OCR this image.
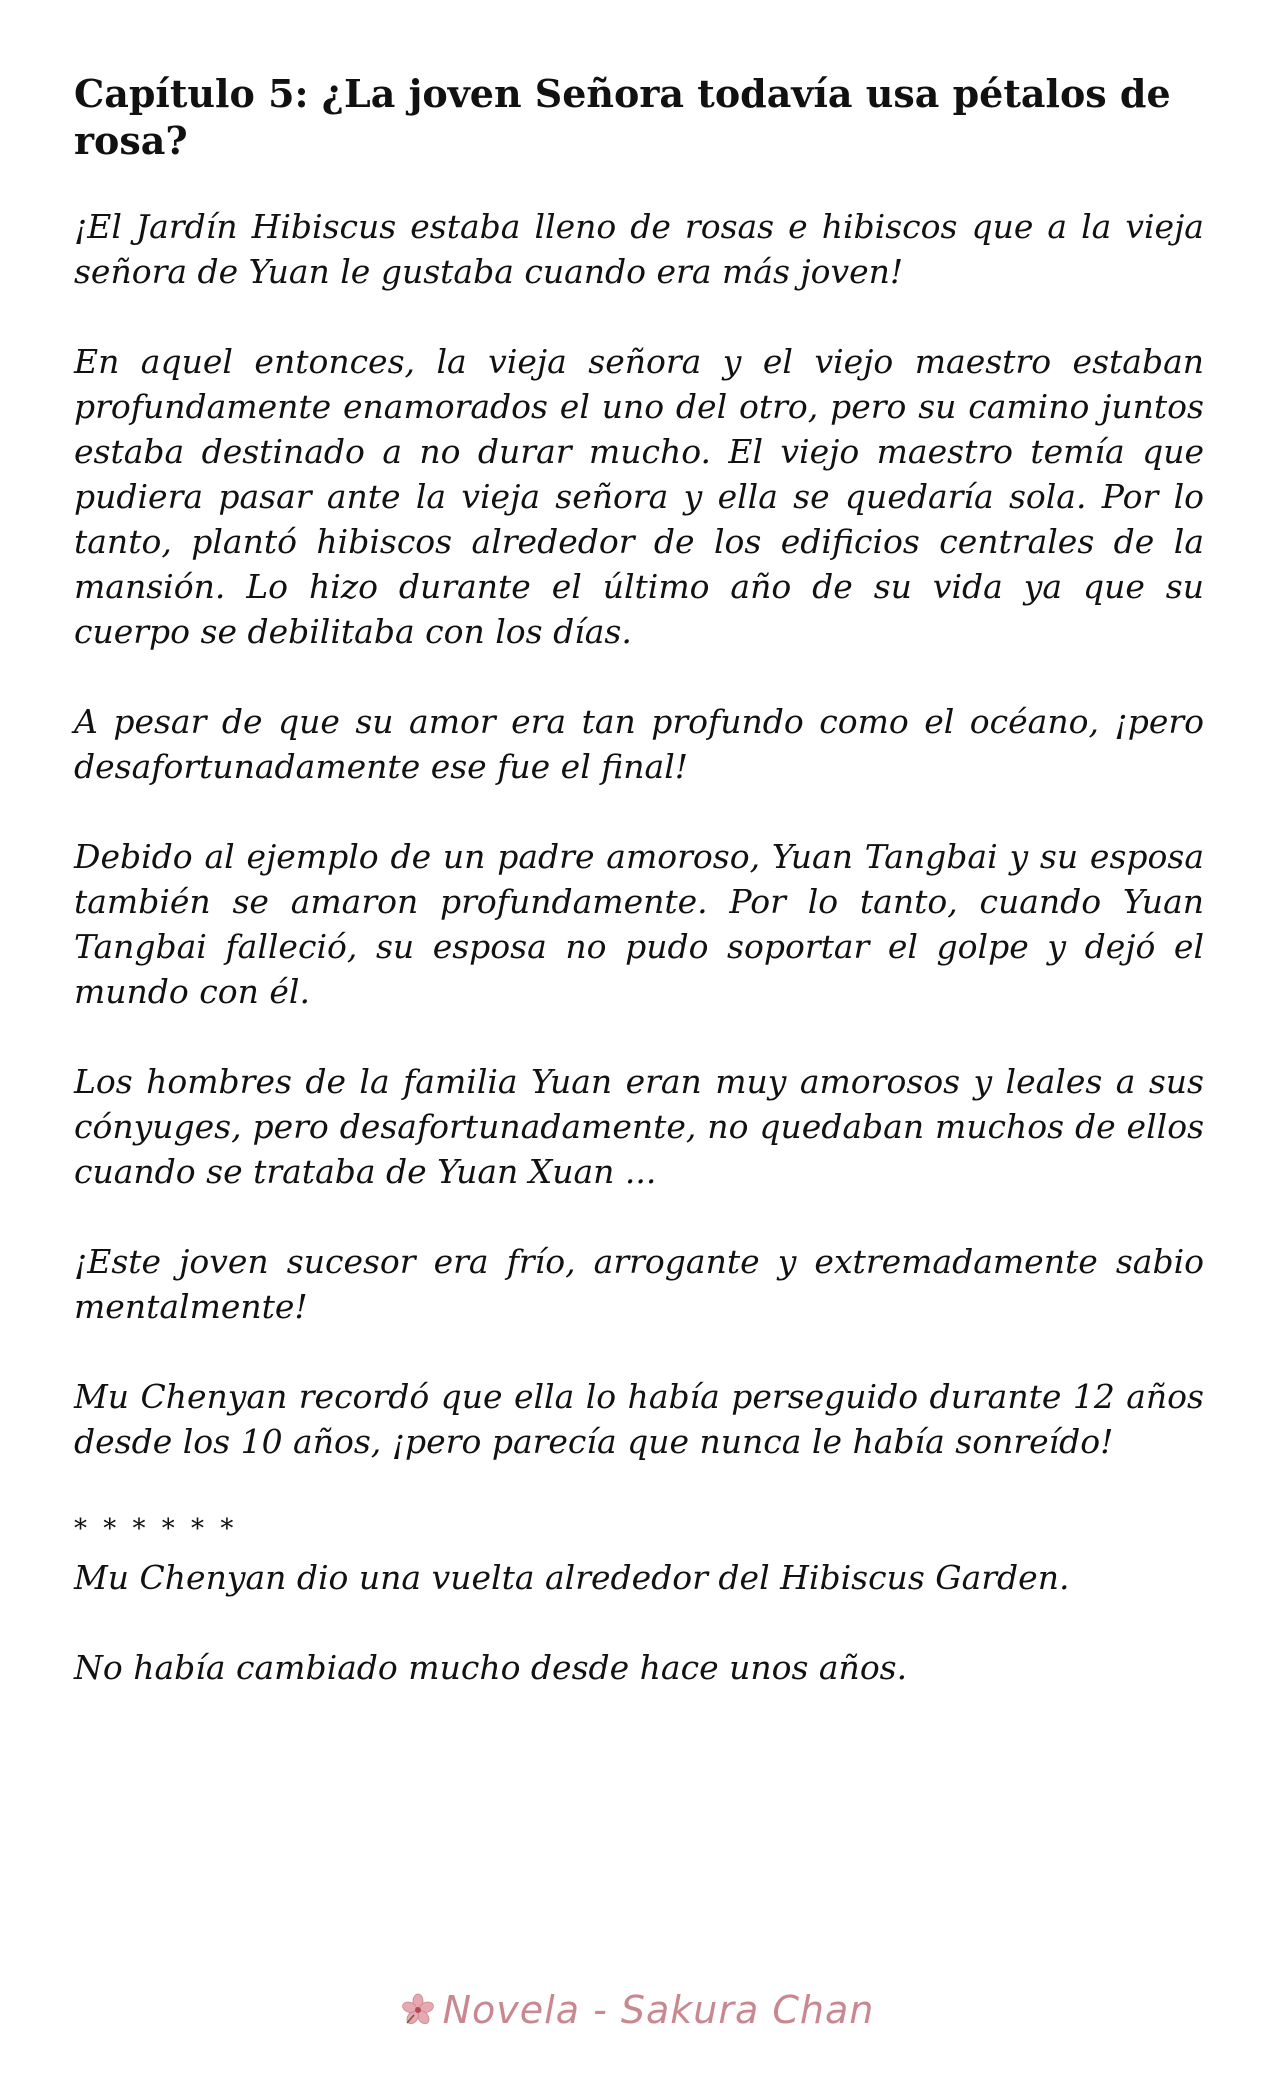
Capítulo 5: ¿La joven Señora todavía usa pétalos de rosa?

¡El Jardín Hibiscus estaba lleno de rosas e hibiscos que a la vieja señora de Yuan le gustaba cuando era más joven!

En aquel entonces, la vieja señora y el viejo maestro estaban profundamente enamorados el uno del otro, pero su camino juntos estaba destinado a no durar mucho. El viejo maestro temía que pudiera pasar ante la vieja señora y ella se quedaría sola. Por lo tanto, plantó hibiscos alrededor de los edificios centrales de la mansión. Lo hizo durante el último año de su vida ya que su cuerpo se debilitaba con los días.

A pesar de que su amor era tan profundo como el océano, ¡pero desafortunadamente ese fue el final!

Debido al ejemplo de un padre amoroso, Yuan Tangbai y su esposa también se amaron profundamente. Por lo tanto, cuando Yuan Tangbai falleció, su esposa no pudo soportar el golpe y dejó el mundo con él.

Los hombres de la familia Yuan eran muy amorosos y leales a sus cónyuges, pero desafortunadamente, no quedaban muchos de ellos cuando se trataba de Yuan Xuan ...

¡Este joven sucesor era frío, arrogante y extremadamente sabio mentalmente!

Mu Chenyan recordó que ella lo había perseguido durante 12 años desde los 10 años, ¡pero parecía que nunca le había sonreído!

* * * * * *

Mu Chenyan dio una vuelta alrededor del Hibiscus Garden.

No había cambiado mucho desde hace unos años.

Novela - Sakura Chan
